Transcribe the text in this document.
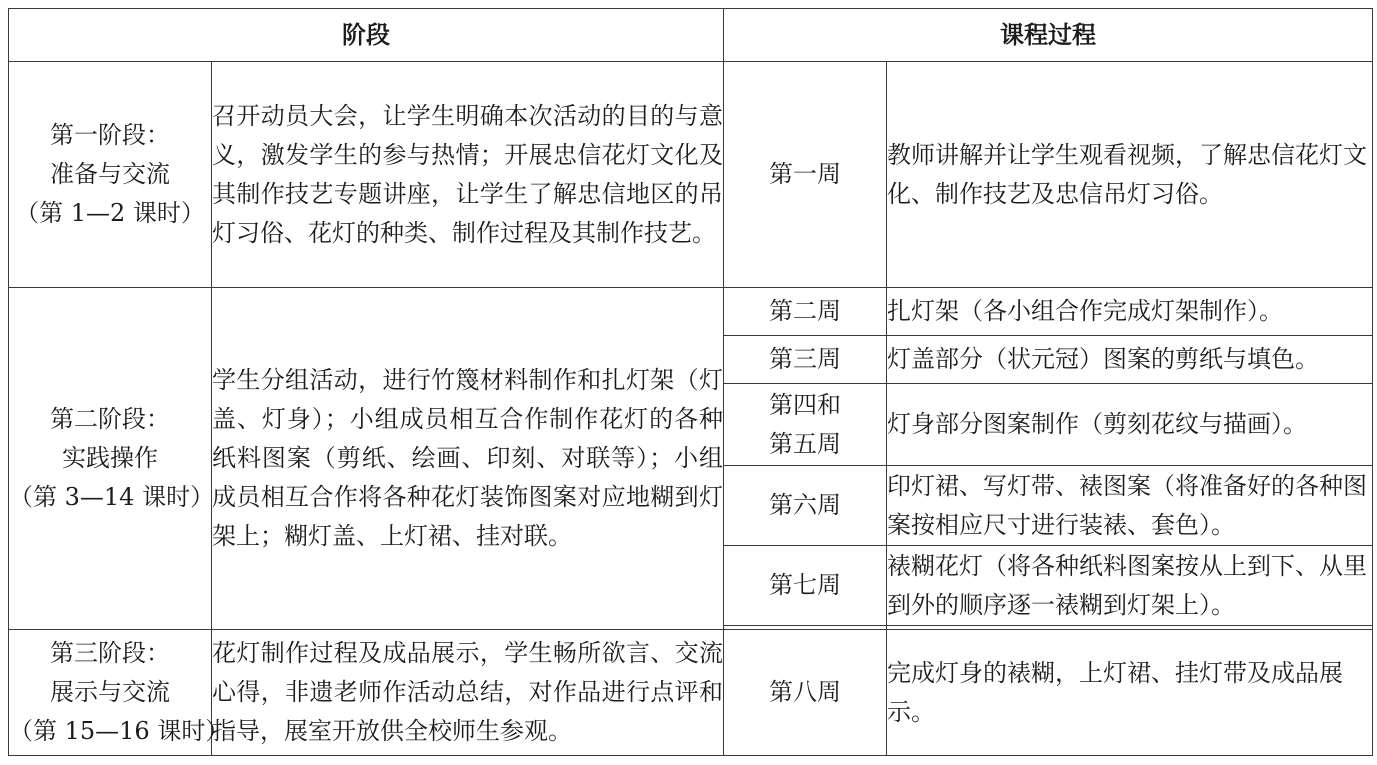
阶段		课程过程	

第一阶段：
准备与交流
（第 1—2 课时）	召开动员大会，让学生明确本次活动的目的与意义，激发学生的参与热情；开展忠信花灯文化及其制作技艺专题讲座，让学生了解忠信地区的吊灯习俗、花灯的种类、制作过程及其制作技艺。	第一周	教师讲解并让学生观看视频，了解忠信花灯文化、制作技艺及忠信吊灯习俗。

第二阶段：
实践操作
（第 3—14 课时）	学生分组活动，进行竹篾材料制作和扎灯架（灯盖、灯身）；小组成员相互合作制作花灯的各种纸料图案（剪纸、绘画、印刻、对联等）；小组成员相互合作将各种花灯装饰图案对应地糊到灯架上；糊灯盖、上灯裙、挂对联。	第二周	扎灯架（各小组合作完成灯架制作）。

		第三周	灯盖部分（状元冠）图案的剪纸与填色。

		第四和
第五周	灯身部分图案制作（剪刻花纹与描画）。

		第六周	印灯裙、写灯带、裱图案（将准备好的各种图案按相应尺寸进行装裱、套色）。

		第七周	裱糊花灯（将各种纸料图案按从上到下、从里到外的顺序逐一裱糊到灯架上）。

第三阶段：
展示与交流
（第 15—16 课时）	花灯制作过程及成品展示，学生畅所欲言、交流心得，非遗老师作活动总结，对作品进行点评和指导，展室开放供全校师生参观。	第八周	完成灯身的裱糊，上灯裙、挂灯带及成品展示。
